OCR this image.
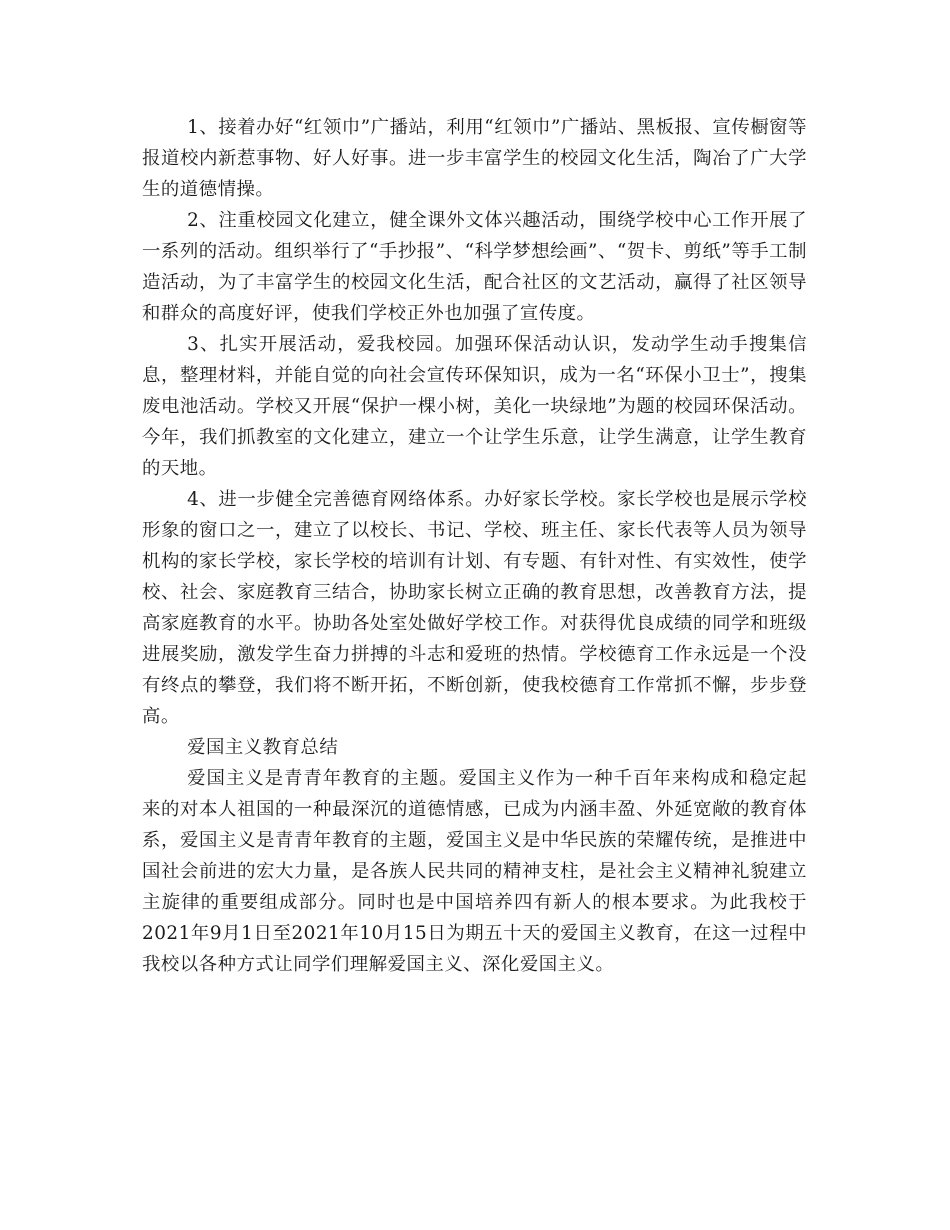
1、接着办好“红领巾”广播站，利用“红领巾”广播站、黑板报、宣传橱窗等报道校内新惹事物、好人好事。进一步丰富学生的校园文化生活，陶冶了广大学生的道德情操。

2、注重校园文化建立，健全课外文体兴趣活动，围绕学校中心工作开展了一系列的活动。组织举行了“手抄报”、“科学梦想绘画”、“贺卡、剪纸”等手工制造活动，为了丰富学生的校园文化生活，配合社区的文艺活动，赢得了社区领导和群众的高度好评，使我们学校正外也加强了宣传度。

3、扎实开展活动，爱我校园。加强环保活动认识，发动学生动手搜集信息，整理材料，并能自觉的向社会宣传环保知识，成为一名“环保小卫士”，搜集废电池活动。学校又开展“保护一棵小树，美化一块绿地”为题的校园环保活动。今年，我们抓教室的文化建立，建立一个让学生乐意，让学生满意，让学生教育的天地。

4、进一步健全完善德育网络体系。办好家长学校。家长学校也是展示学校形象的窗口之一，建立了以校长、书记、学校、班主任、家长代表等人员为领导机构的家长学校，家长学校的培训有计划、有专题、有针对性、有实效性，使学校、社会、家庭教育三结合，协助家长树立正确的教育思想，改善教育方法，提高家庭教育的水平。协助各处室处做好学校工作。对获得优良成绩的同学和班级进展奖励，激发学生奋力拼搏的斗志和爱班的热情。学校德育工作永远是一个没有终点的攀登，我们将不断开拓，不断创新，使我校德育工作常抓不懈，步步登高。

爱国主义教育总结

爱国主义是青青年教育的主题。爱国主义作为一种千百年来构成和稳定起来的对本人祖国的一种最深沉的道德情感，已成为内涵丰盈、外延宽敞的教育体系，爱国主义是青青年教育的主题，爱国主义是中华民族的荣耀传统，是推进中国社会前进的宏大力量，是各族人民共同的精神支柱，是社会主义精神礼貌建立主旋律的重要组成部分。同时也是中国培养四有新人的根本要求。为此我校于2021年9月1日至2021年10月15日为期五十天的爱国主义教育，在这一过程中我校以各种方式让同学们理解爱国主义、深化爱国主义。
